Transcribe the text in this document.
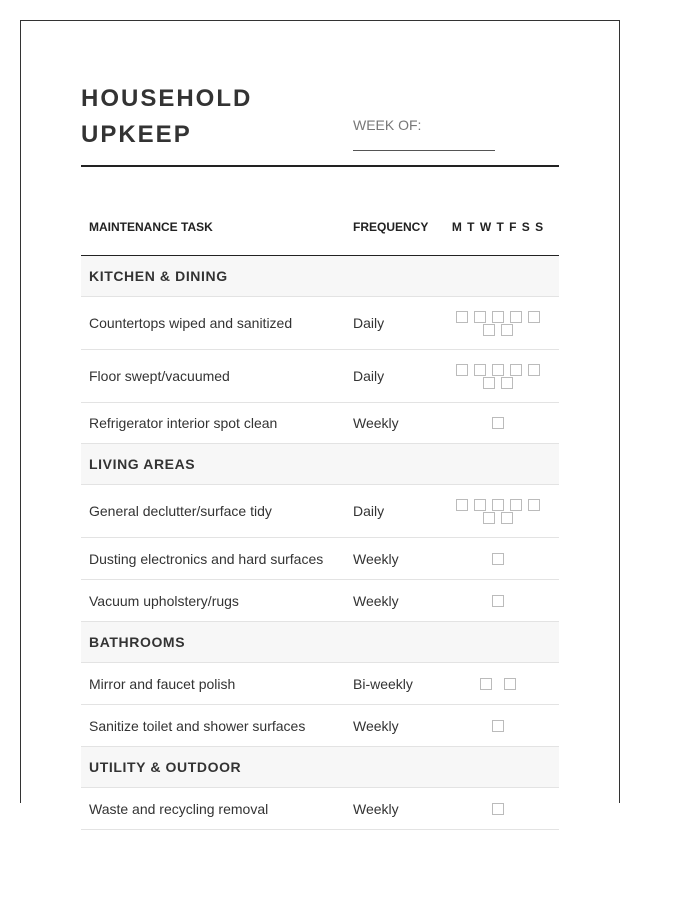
HOUSEHOLD
UPKEEP	WEEK OF:
MAINTENANCE TASK	FREQUENCY	M T W T F S S
KITCHEN & DINING		
Countertops wiped and sanitized	Daily	

Floor swept/vacuumed	Daily	

Refrigerator interior spot clean	Weekly	

LIVING AREAS		
General declutter/surface tidy	Daily	

Dusting electronics and hard surfaces	Weekly	

Vacuum upholstery/rugs	Weekly	

BATHROOMS		
Mirror and faucet polish	Bi-weekly	

Sanitize toilet and shower surfaces	Weekly	

UTILITY & OUTDOOR		
Waste and recycling removal	Weekly	
